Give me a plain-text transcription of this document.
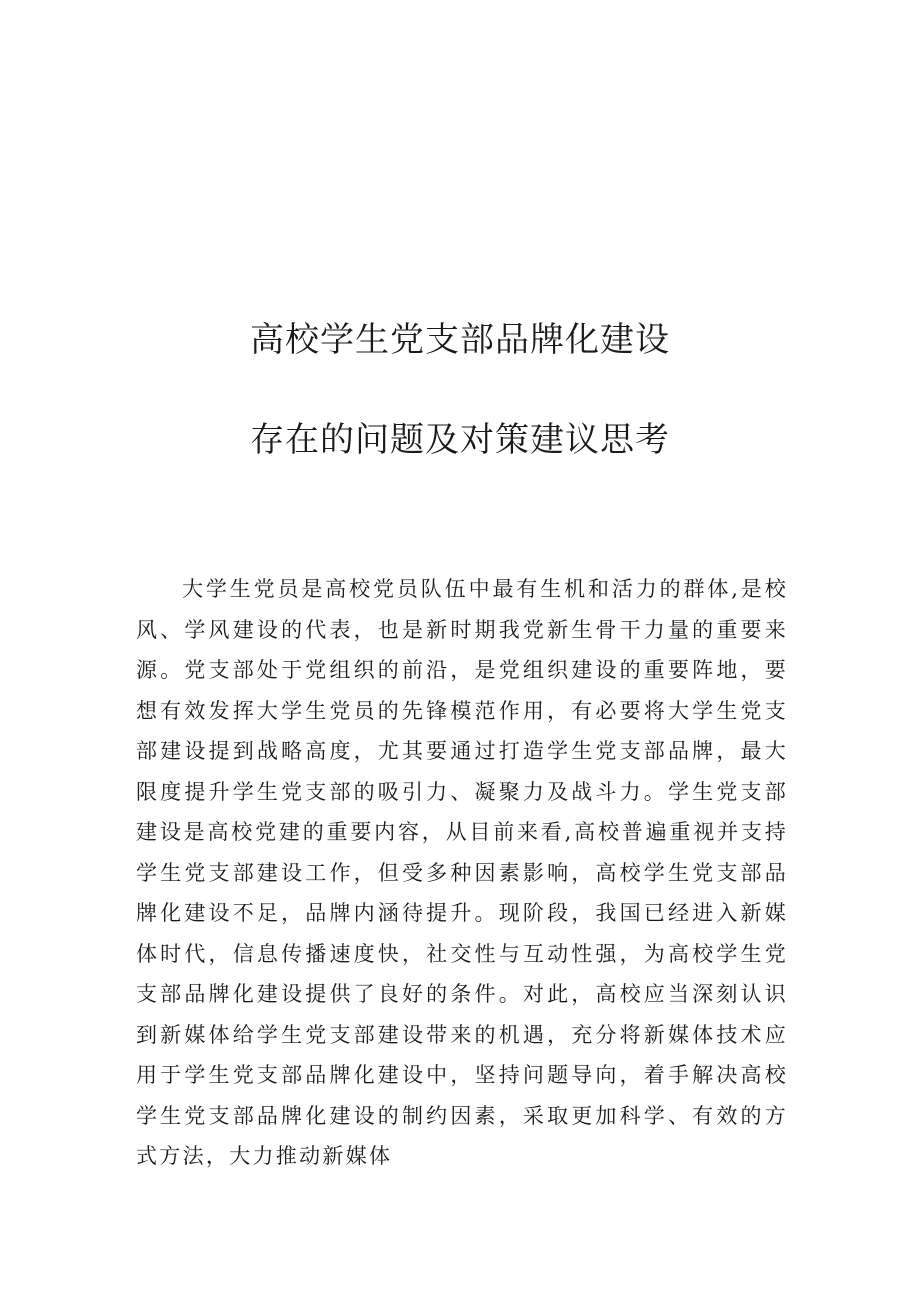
高校学生党支部品牌化建设
存在的问题及对策建议思考

大学生党员是高校党员队伍中最有生机和活力的群体,是校风、学风建设的代表，也是新时期我党新生骨干力量的重要来源。党支部处于党组织的前沿，是党组织建设的重要阵地，要想有效发挥大学生党员的先锋模范作用，有必要将大学生党支部建设提到战略高度，尤其要通过打造学生党支部品牌，最大限度提升学生党支部的吸引力、凝聚力及战斗力。学生党支部建设是高校党建的重要内容，从目前来看,高校普遍重视并支持学生党支部建设工作，但受多种因素影响，高校学生党支部品牌化建设不足，品牌内涵待提升。现阶段，我国已经进入新媒体时代，信息传播速度快，社交性与互动性强，为高校学生党支部品牌化建设提供了良好的条件。对此，高校应当深刻认识到新媒体给学生党支部建设带来的机遇，充分将新媒体技术应用于学生党支部品牌化建设中，坚持问题导向，着手解决高校学生党支部品牌化建设的制约因素，采取更加科学、有效的方式方法，大力推动新媒体
